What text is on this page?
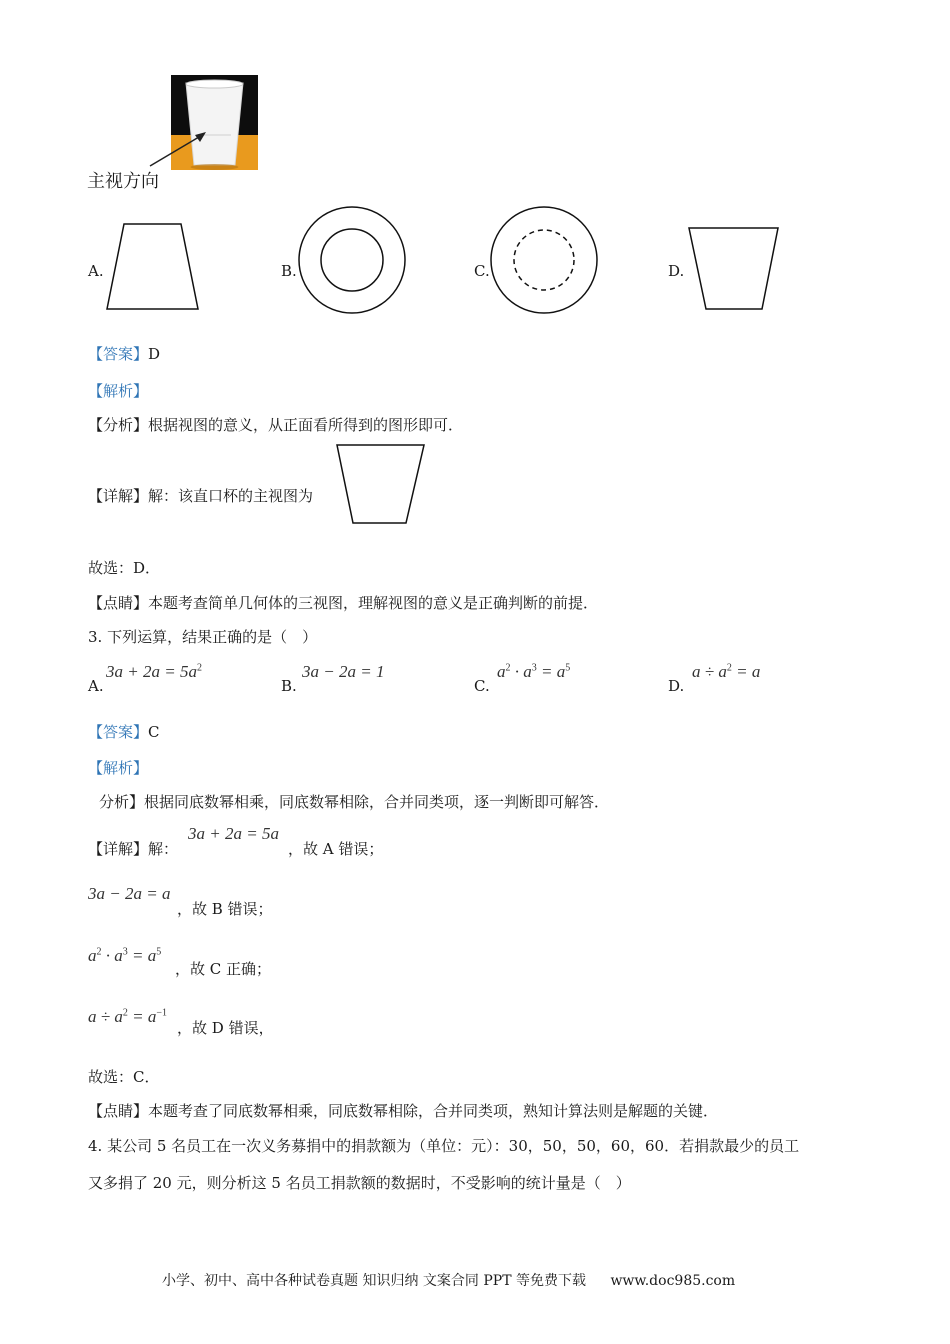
主视方向
A.	B.	C.	D.
【答案】D
【解析】
【分析】根据视图的意义，从正面看所得到的图形即可．
【详解】解：该直口杯的主视图为
故选：D．
【点睛】本题考查简单几何体的三视图，理解视图的意义是正确判断的前提．
3. 下列运算，结果正确的是（　）
A.
$3a + 2a = 5a^2$
B.
3a − 2a = 1
C.
$a^2 \cdot a^3 = a^5$
D.
$a \div a^2 = a$
【答案】C
【解析】
分析】根据同底数幂相乘，同底数幂相除，合并同类项，逐一判断即可解答．
【详解】解：
3a + 2a = 5a
，故 A 错误；
3a − 2a = a
，故 B 错误；
$a^2 \cdot a^3 = a^5$
，故 C 正确；
$a \div a^2 = a^{-1}$
，故 D 错误，
故选：C．
【点睛】本题考查了同底数幂相乘，同底数幂相除，合并同类项，熟知计算法则是解题的关键．
4. 某公司 5 名员工在一次义务募捐中的捐款额为（单位：元）：30，50，50，60，60．若捐款最少的员工
又多捐了 20 元，则分析这 5 名员工捐款额的数据时，不受影响的统计量是（　）
小学、初中、高中各种试卷真题 知识归纳 文案合同 PPT 等免费下载 www.doc985.com
